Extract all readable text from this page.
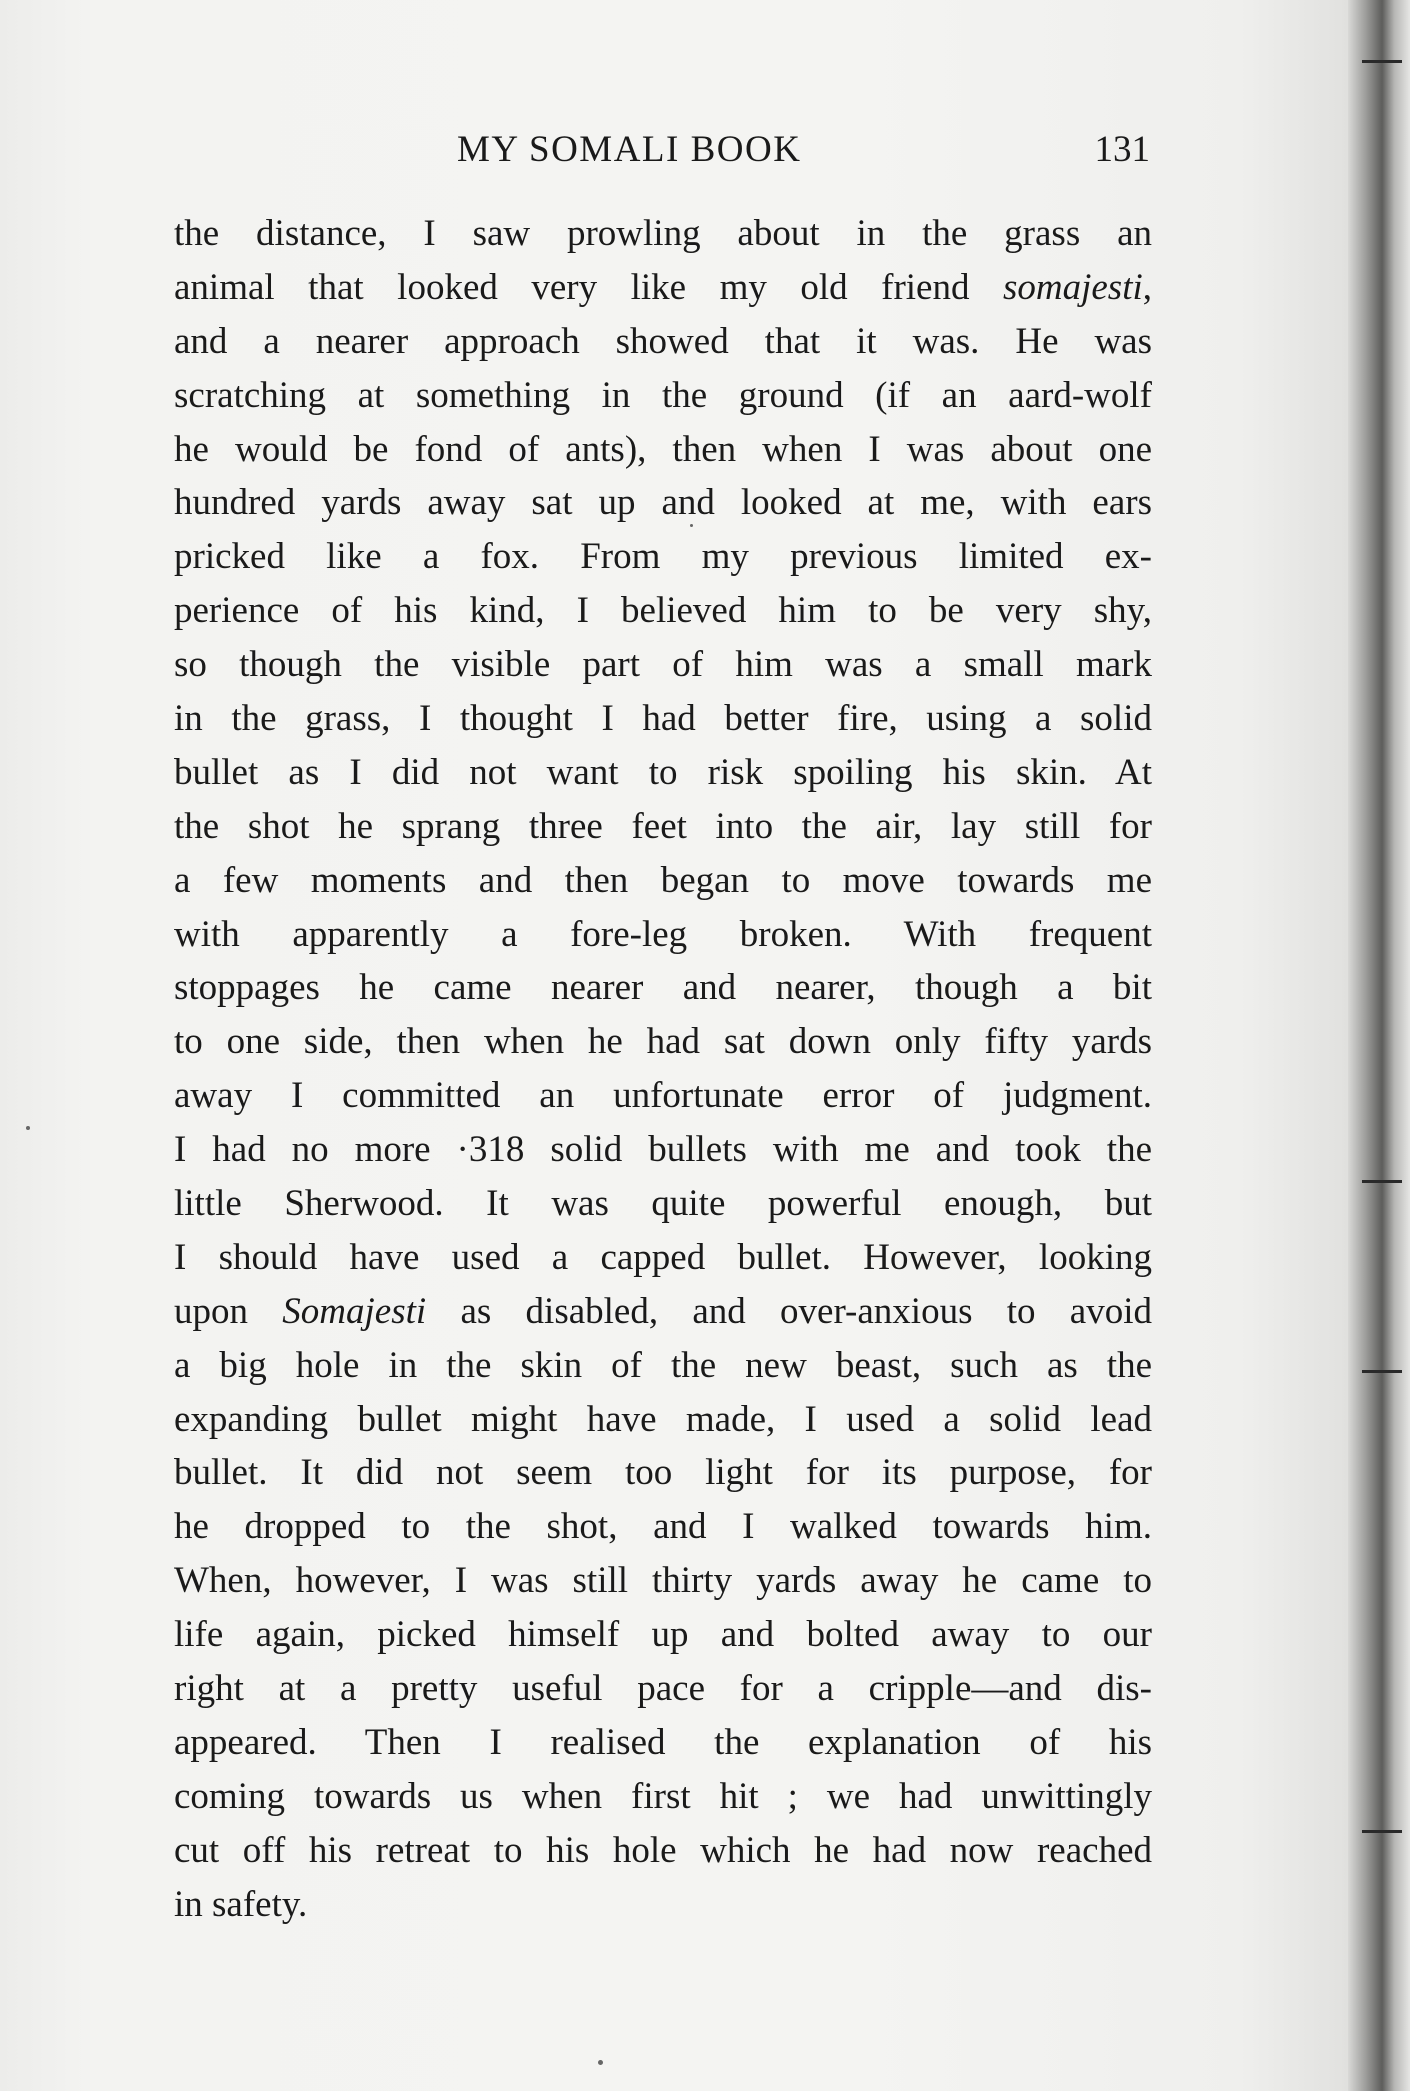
MY SOMALI BOOK	131
the distance, I saw prowling about in the grass an
animal that looked very like my old friend somajesti,
and a nearer approach showed that it was. He was
scratching at something in the ground (if an aard-wolf
he would be fond of ants), then when I was about one
hundred yards away sat up and looked at me, with ears
pricked like a fox. From my previous limited ex-
perience of his kind, I believed him to be very shy,
so though the visible part of him was a small mark
in the grass, I thought I had better fire, using a solid
bullet as I did not want to risk spoiling his skin. At
the shot he sprang three feet into the air, lay still for
a few moments and then began to move towards me
with apparently a fore-leg broken. With frequent
stoppages he came nearer and nearer, though a bit
to one side, then when he had sat down only fifty yards
away I committed an unfortunate error of judgment.
I had no more ·318 solid bullets with me and took the
little Sherwood. It was quite powerful enough, but
I should have used a capped bullet. However, looking
upon Somajesti as disabled, and over-anxious to avoid
a big hole in the skin of the new beast, such as the
expanding bullet might have made, I used a solid lead
bullet. It did not seem too light for its purpose, for
he dropped to the shot, and I walked towards him.
When, however, I was still thirty yards away he came to
life again, picked himself up and bolted away to our
right at a pretty useful pace for a cripple—and dis-
appeared. Then I realised the explanation of his
coming towards us when first hit ; we had unwittingly
cut off his retreat to his hole which he had now reached
in safety.
